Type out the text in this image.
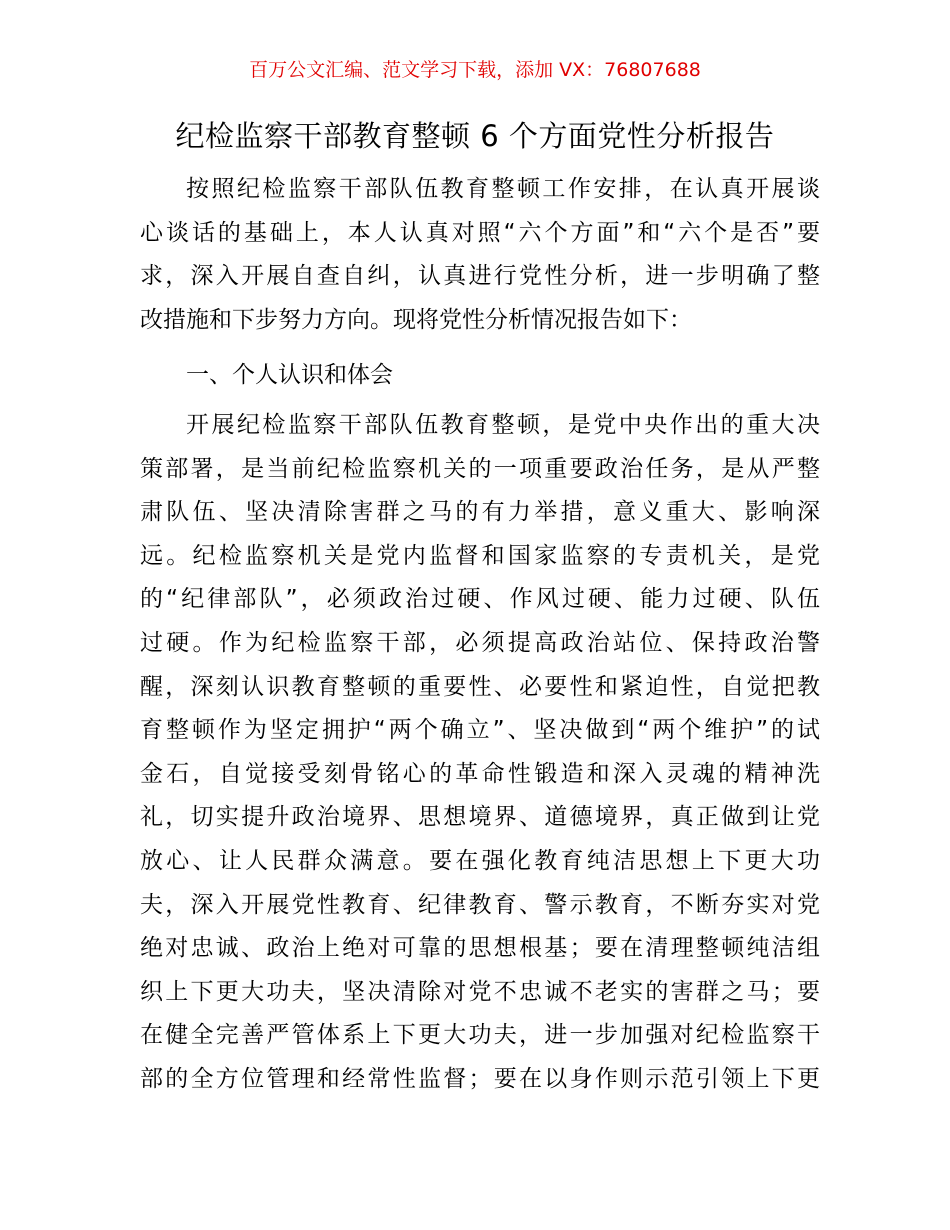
百万公文汇编、范文学习下载，添加 VX：76807688
纪检监察干部教育整顿 6 个方面党性分析报告
按照纪检监察干部队伍教育整顿工作安排，在认真开展谈
心谈话的基础上，本人认真对照“六个方面”和“六个是否”要
求，深入开展自查自纠，认真进行党性分析，进一步明确了整
改措施和下步努力方向。现将党性分析情况报告如下：
一、个人认识和体会
开展纪检监察干部队伍教育整顿，是党中央作出的重大决
策部署，是当前纪检监察机关的一项重要政治任务，是从严整
肃队伍、坚决清除害群之马的有力举措，意义重大、影响深
远。纪检监察机关是党内监督和国家监察的专责机关，是党
的“纪律部队”，必须政治过硬、作风过硬、能力过硬、队伍
过硬。作为纪检监察干部，必须提高政治站位、保持政治警
醒，深刻认识教育整顿的重要性、必要性和紧迫性，自觉把教
育整顿作为坚定拥护“两个确立”、坚决做到“两个维护”的试
金石，自觉接受刻骨铭心的革命性锻造和深入灵魂的精神洗
礼，切实提升政治境界、思想境界、道德境界，真正做到让党
放心、让人民群众满意。要在强化教育纯洁思想上下更大功
夫，深入开展党性教育、纪律教育、警示教育，不断夯实对党
绝对忠诚、政治上绝对可靠的思想根基；要在清理整顿纯洁组
织上下更大功夫，坚决清除对党不忠诚不老实的害群之马；要
在健全完善严管体系上下更大功夫，进一步加强对纪检监察干
部的全方位管理和经常性监督；要在以身作则示范引领上下更
